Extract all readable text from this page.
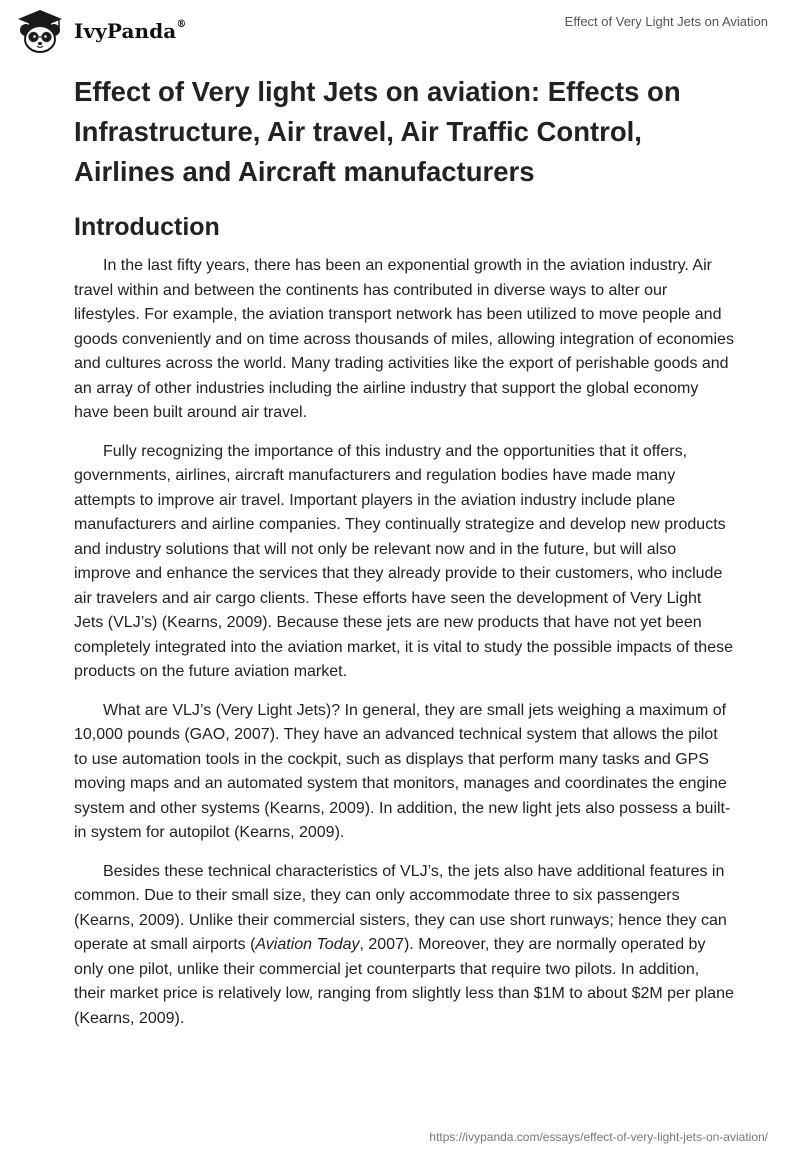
IvyPanda®	Effect of Very Light Jets on Aviation
Effect of Very light Jets on aviation: Effects on Infrastructure, Air travel, Air Traffic Control, Airlines and Aircraft manufacturers
Introduction

In the last fifty years, there has been an exponential growth in the aviation industry. Air travel within and between the continents has contributed in diverse ways to alter our lifestyles. For example, the aviation transport network has been utilized to move people and goods conveniently and on time across thousands of miles, allowing integration of economies and cultures across the world. Many trading activities like the export of perishable goods and an array of other industries including the airline industry that support the global economy have been built around air travel.

Fully recognizing the importance of this industry and the opportunities that it offers, governments, airlines, aircraft manufacturers and regulation bodies have made many attempts to improve air travel. Important players in the aviation industry include plane manufacturers and airline companies. They continually strategize and develop new products and industry solutions that will not only be relevant now and in the future, but will also improve and enhance the services that they already provide to their customers, who include air travelers and air cargo clients. These efforts have seen the development of Very Light Jets (VLJ’s) (Kearns, 2009). Because these jets are new products that have not yet been completely integrated into the aviation market, it is vital to study the possible impacts of these products on the future aviation market.

What are VLJ’s (Very Light Jets)? In general, they are small jets weighing a maximum of 10,000 pounds (GAO, 2007). They have an advanced technical system that allows the pilot to use automation tools in the cockpit, such as displays that perform many tasks and GPS moving maps and an automated system that monitors, manages and coordinates the engine system and other systems (Kearns, 2009). In addition, the new light jets also possess a built-in system for autopilot (Kearns, 2009).

Besides these technical characteristics of VLJ’s, the jets also have additional features in common. Due to their small size, they can only accommodate three to six passengers (Kearns, 2009). Unlike their commercial sisters, they can use short runways; hence they can operate at small airports (Aviation Today, 2007). Moreover, they are normally operated by only one pilot, unlike their commercial jet counterparts that require two pilots. In addition, their market price is relatively low, ranging from slightly less than $1M to about $2M per plane (Kearns, 2009).

https://ivypanda.com/essays/effect-of-very-light-jets-on-aviation/
